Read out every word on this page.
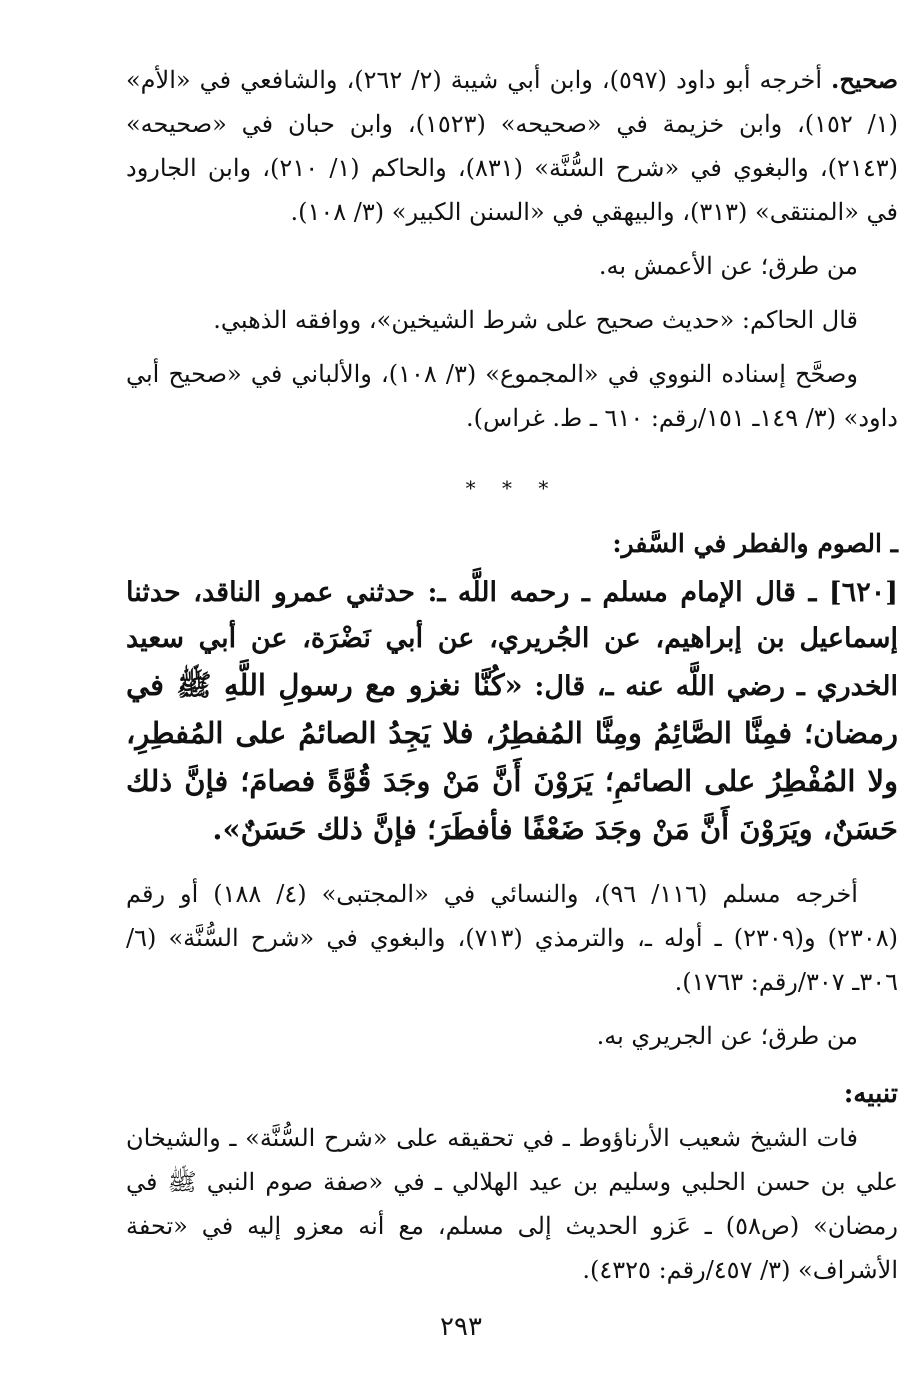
صحيح. أخرجه أبو داود (٥٩٧)، وابن أبي شيبة (٢/ ٢٦٢)، والشافعي في «الأم» (١/ ١٥٢)، وابن خزيمة في «صحيحه» (١٥٢٣)، وابن حبان في «صحيحه» (٢١٤٣)، والبغوي في «شرح السُّنَّة» (٨٣١)، والحاكم (١/ ٢١٠)، وابن الجارود في «المنتقى» (٣١٣)، والبيهقي في «السنن الكبير» (٣/ ١٠٨).

من طرق؛ عن الأعمش به.

قال الحاكم: «حديث صحيح على شرط الشيخين»، ووافقه الذهبي.

وصحَّح إسناده النووي في «المجموع» (٣/ ١٠٨)، والألباني في «صحيح أبي داود» (٣/ ١٤٩ـ ١٥١/رقم: ٦١٠ ـ ط. غراس).

* * *
ـ الصوم والفطر في السَّفر:

[٦٢٠] ـ قال الإمام مسلم ـ رحمه اللَّه ـ: حدثني عمرو الناقد، حدثنا إسماعيل بن إبراهيم، عن الجُريري، عن أبي نَضْرَة، عن أبي سعيد الخدري ـ رضي اللَّه عنه ـ، قال: «كُنَّا نغزو مع رسولِ اللَّهِ ﷺ في رمضان؛ فمِنَّا الصَّائِمُ ومِنَّا المُفطِرُ، فلا يَجِدُ الصائمُ على المُفطِرِ، ولا المُفْطِرُ على الصائمِ؛ يَرَوْنَ أَنَّ مَنْ وجَدَ قُوَّةً فصامَ؛ فإنَّ ذلك حَسَنٌ، ويَرَوْنَ أَنَّ مَنْ وجَدَ ضَعْفًا فأفطَرَ؛ فإنَّ ذلك حَسَنٌ».

أخرجه مسلم (١١٦/ ٩٦)، والنسائي في «المجتبى» (٤/ ١٨٨) أو رقم (٢٣٠٨) و(٢٣٠٩) ـ أوله ـ، والترمذي (٧١٣)، والبغوي في «شرح السُّنَّة» (٦/ ٣٠٦ـ ٣٠٧/رقم: ١٧٦٣).

من طرق؛ عن الجريري به.

تنبيه:

فات الشيخ شعيب الأرناؤوط ـ في تحقيقه على «شرح السُّنَّة» ـ والشيخان علي بن حسن الحلبي وسليم بن عيد الهلالي ـ في «صفة صوم النبي ﷺ في رمضان» (ص٥٨) ـ عَزو الحديث إلى مسلم، مع أنه معزو إليه في «تحفة الأشراف» (٣/ ٤٥٧/رقم: ٤٣٢٥).

٢٩٣
